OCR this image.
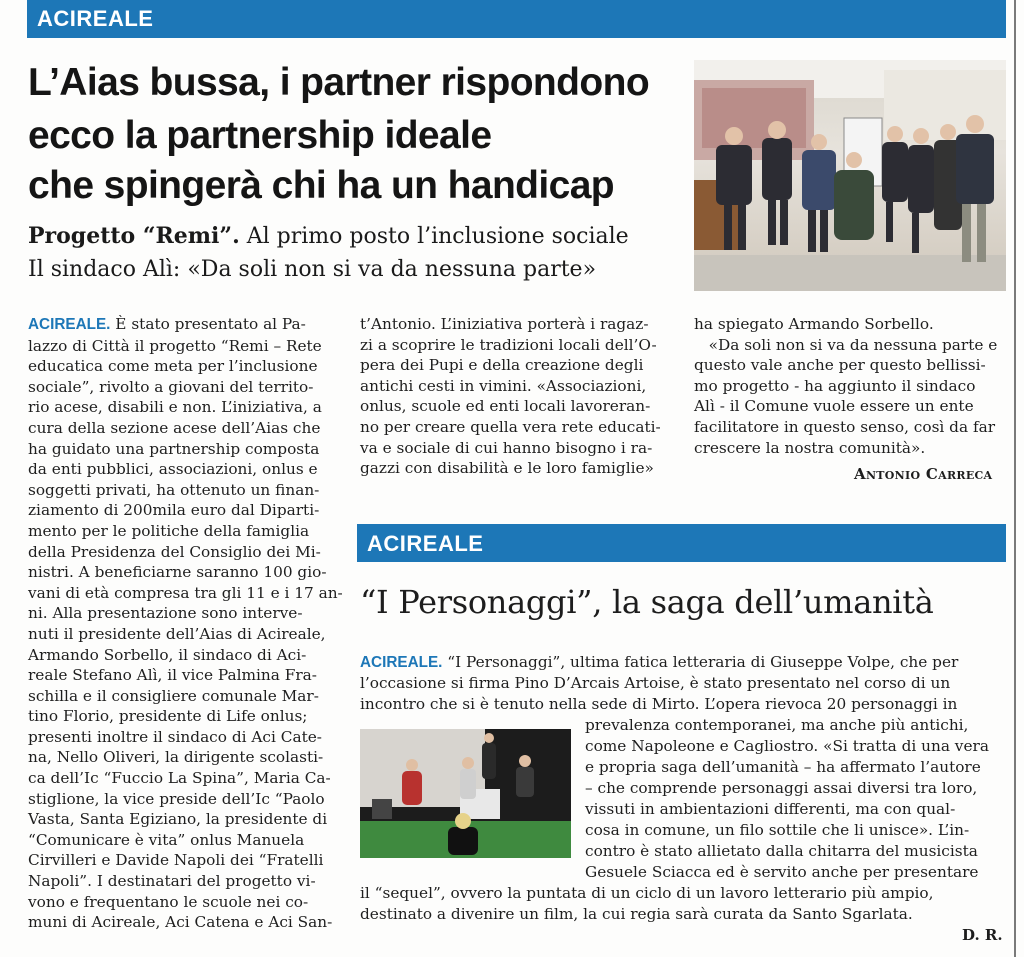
ACIREALE
L’Aias bussa, i partner rispondono
ecco la partnership ideale
che spingerà chi ha un handicap
Progetto “Remi”. Al primo posto l’inclusione sociale
Il sindaco Alì: «Da soli non si va da nessuna parte»
ACIREALE. È stato presentato al Pa-
lazzo di Città il progetto “Remi – Rete
educatica come meta per l’inclusione
sociale”, rivolto a giovani del territo-
rio acese, disabili e non. L’iniziativa, a
cura della sezione acese dell’Aias che
ha guidato una partnership composta
da enti pubblici, associazioni, onlus e
soggetti privati, ha ottenuto un finan-
ziamento di 200mila euro dal Diparti-
mento per le politiche della famiglia
della Presidenza del Consiglio dei Mi-
nistri. A beneficiarne saranno 100 gio-
vani di età compresa tra gli 11 e i 17 an-
ni. Alla presentazione sono interve-
nuti il presidente dell’Aias di Acireale,
Armando Sorbello, il sindaco di Aci-
reale Stefano Alì, il vice Palmina Fra-
schilla e il consigliere comunale Mar-
tino Florio, presidente di Life onlus;
presenti inoltre il sindaco di Aci Cate-
na, Nello Oliveri, la dirigente scolasti-
ca dell’Ic “Fuccio La Spina”, Maria Ca-
stiglione, la vice preside dell’Ic “Paolo
Vasta, Santa Egiziano, la presidente di
“Comunicare è vita” onlus Manuela
Cirvilleri e Davide Napoli dei “Fratelli
Napoli”. I destinatari del progetto vi-
vono e frequentano le scuole nei co-
muni di Acireale, Aci Catena e Aci San-
t’Antonio. L’iniziativa porterà i ragaz-
zi a scoprire le tradizioni locali dell’O-
pera dei Pupi e della creazione degli
antichi cesti in vimini. «Associazioni,
onlus, scuole ed enti locali lavoreran-
no per creare quella vera rete educati-
va e sociale di cui hanno bisogno i ra-
gazzi con disabilità e le loro famiglie»
ha spiegato Armando Sorbello.
«Da soli non si va da nessuna parte e
questo vale anche per questo bellissi-
mo progetto - ha aggiunto il sindaco
Alì - il Comune vuole essere un ente
facilitatore in questo senso, così da far
crescere la nostra comunità».
Antonio Carreca
ACIREALE
“I Personaggi”, la saga dell’umanità
ACIREALE. “I Personaggi”, ultima fatica letteraria di Giuseppe Volpe, che per
l’occasione si firma Pino D’Arcais Artoise, è stato presentato nel corso di un
incontro che si è tenuto nella sede di Mirto. L’opera rievoca 20 personaggi in
prevalenza contemporanei, ma anche più antichi,
come Napoleone e Cagliostro. «Si tratta di una vera
e propria saga dell’umanità – ha affermato l’autore
– che comprende personaggi assai diversi tra loro,
vissuti in ambientazioni differenti, ma con qual-
cosa in comune, un filo sottile che li unisce». L’in-
contro è stato allietato dalla chitarra del musicista
Gesuele Sciacca ed è servito anche per presentare
il “sequel”, ovvero la puntata di un ciclo di un lavoro letterario più ampio,
destinato a divenire un film, la cui regia sarà curata da Santo Sgarlata.
D. R.
